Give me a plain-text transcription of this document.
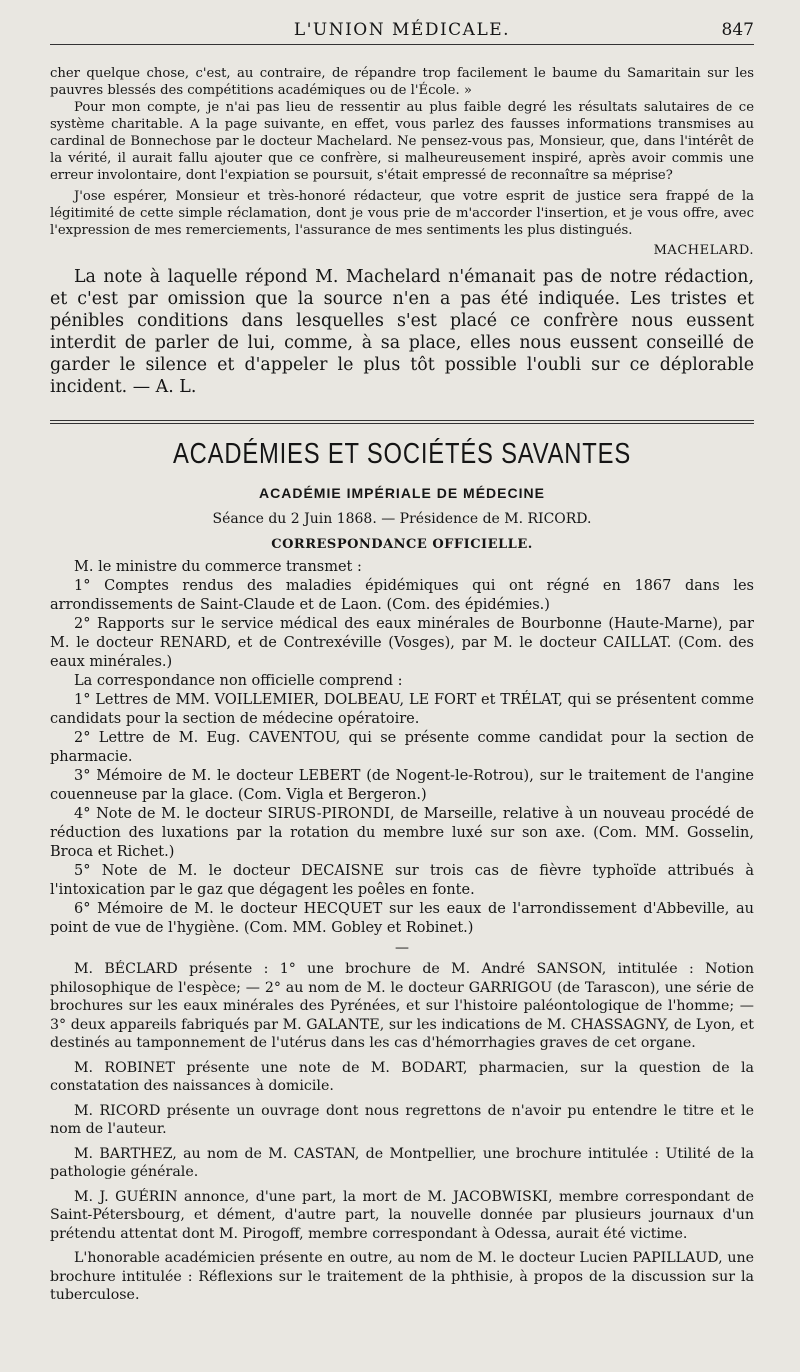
L'UNION MÉDICALE.	847

cher quelque chose, c'est, au contraire, de répandre trop facilement le baume du Samaritain sur les pauvres blessés des compétitions académiques ou de l'École. »

Pour mon compte, je n'ai pas lieu de ressentir au plus faible degré les résultats salutaires de ce système charitable. A la page suivante, en effet, vous parlez des fausses informations transmises au cardinal de Bonnechose par le docteur Machelard. Ne pensez-vous pas, Monsieur, que, dans l'intérêt de la vérité, il aurait fallu ajouter que ce confrère, si malheureusement inspiré, après avoir commis une erreur involontaire, dont l'expiation se poursuit, s'était empressé de reconnaître sa méprise?

J'ose espérer, Monsieur et très-honoré rédacteur, que votre esprit de justice sera frappé de la légitimité de cette simple réclamation, dont je vous prie de m'accorder l'insertion, et je vous offre, avec l'expression de mes remerciements, l'assurance de mes sentiments les plus distingués.

MACHELARD.

La note à laquelle répond M. Machelard n'émanait pas de notre rédaction, et c'est par omission que la source n'en a pas été indiquée. Les tristes et pénibles conditions dans lesquelles s'est placé ce confrère nous eussent interdit de parler de lui, comme, à sa place, elles nous eussent conseillé de garder le silence et d'appeler le plus tôt possible l'oubli sur ce déplorable incident. — A. L.

ACADÉMIES ET SOCIÉTÉS SAVANTES
ACADÉMIE IMPÉRIALE DE MÉDECINE
Séance du 2 Juin 1868. — Présidence de M. RICORD.
CORRESPONDANCE OFFICIELLE.

M. le ministre du commerce transmet :

1° Comptes rendus des maladies épidémiques qui ont régné en 1867 dans les arrondissements de Saint-Claude et de Laon. (Com. des épidémies.)

2° Rapports sur le service médical des eaux minérales de Bourbonne (Haute-Marne), par M. le docteur RENARD, et de Contrexéville (Vosges), par M. le docteur CAILLAT. (Com. des eaux minérales.)

La correspondance non officielle comprend :

1° Lettres de MM. VOILLEMIER, DOLBEAU, LE FORT et TRÉLAT, qui se présentent comme candidats pour la section de médecine opératoire.

2° Lettre de M. Eug. CAVENTOU, qui se présente comme candidat pour la section de pharmacie.

3° Mémoire de M. le docteur LEBERT (de Nogent-le-Rotrou), sur le traitement de l'angine couenneuse par la glace. (Com. Vigla et Bergeron.)

4° Note de M. le docteur SIRUS-PIRONDI, de Marseille, relative à un nouveau procédé de réduction des luxations par la rotation du membre luxé sur son axe. (Com. MM. Gosselin, Broca et Richet.)

5° Note de M. le docteur DECAISNE sur trois cas de fièvre typhoïde attribués à l'intoxication par le gaz que dégagent les poêles en fonte.

6° Mémoire de M. le docteur HECQUET sur les eaux de l'arrondissement d'Abbeville, au point de vue de l'hygiène. (Com. MM. Gobley et Robinet.)

—

M. BÉCLARD présente : 1° une brochure de M. André SANSON, intitulée : Notion philosophique de l'espèce; — 2° au nom de M. le docteur GARRIGOU (de Tarascon), une série de brochures sur les eaux minérales des Pyrénées, et sur l'histoire paléontologique de l'homme; — 3° deux appareils fabriqués par M. GALANTE, sur les indications de M. CHASSAGNY, de Lyon, et destinés au tamponnement de l'utérus dans les cas d'hémorrhagies graves de cet organe.

M. ROBINET présente une note de M. BODART, pharmacien, sur la question de la constatation des naissances à domicile.

M. RICORD présente un ouvrage dont nous regrettons de n'avoir pu entendre le titre et le nom de l'auteur.

M. BARTHEZ, au nom de M. CASTAN, de Montpellier, une brochure intitulée : Utilité de la pathologie générale.

M. J. GUÉRIN annonce, d'une part, la mort de M. JACOBWISKI, membre correspondant de Saint-Pétersbourg, et dément, d'autre part, la nouvelle donnée par plusieurs journaux d'un prétendu attentat dont M. Pirogoff, membre correspondant à Odessa, aurait été victime.

L'honorable académicien présente en outre, au nom de M. le docteur Lucien PAPILLAUD, une brochure intitulée : Réflexions sur le traitement de la phthisie, à propos de la discussion sur la tuberculose.
